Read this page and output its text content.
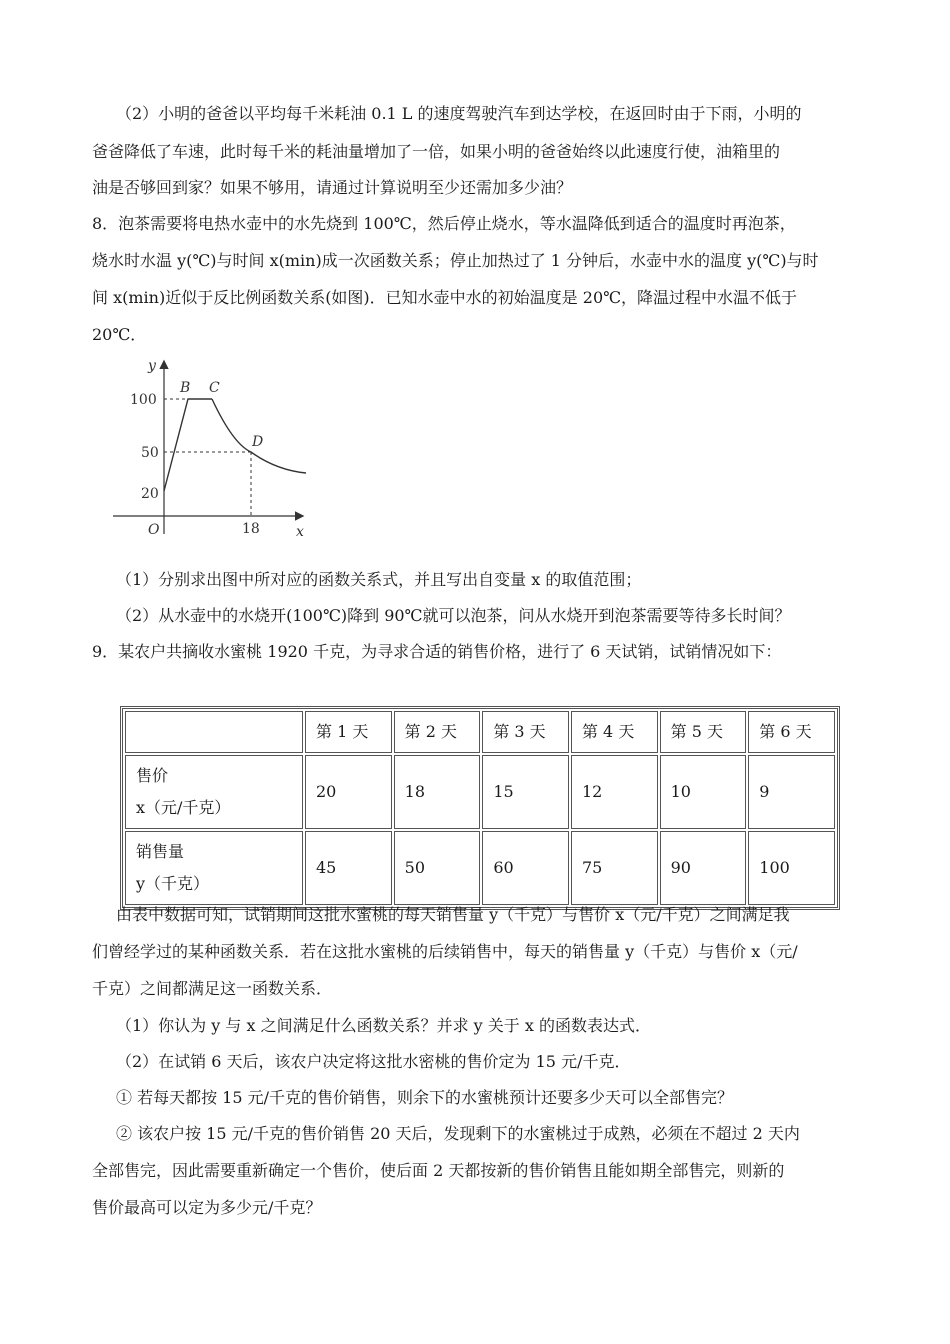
（2）小明的爸爸以平均每千米耗油 0.1 L 的速度驾驶汽车到达学校，在返回时由于下雨，小明的
爸爸降低了车速，此时每千米的耗油量增加了一倍，如果小明的爸爸始终以此速度行使，油箱里的
油是否够回到家？如果不够用，请通过计算说明至少还需加多少油？
8．泡茶需要将电热水壶中的水先烧到 100℃，然后停止烧水，等水温降低到适合的温度时再泡茶，
烧水时水温 y(℃)与时间 x(min)成一次函数关系；停止加热过了 1 分钟后，水壶中水的温度 y(℃)与时
间 x(min)近似于反比例函数关系(如图)．已知水壶中水的初始温度是 20℃，降温过程中水温不低于
20℃．
y
x
O
100
50
20
18
B C
D
（1）分别求出图中所对应的函数关系式，并且写出自变量 x 的取值范围；
（2）从水壶中的水烧开(100℃)降到 90℃就可以泡茶，问从水烧开到泡茶需要等待多长时间？
9．某农户共摘收水蜜桃 1920 千克，为寻求合适的销售价格，进行了 6 天试销，试销情况如下：
	第 1 天	第 2 天	第 3 天	第 4 天	第 5 天	第 6 天

售价
x（元/千克）	20	18	15	12	10	9

销售量
y（千克）	45	50	60	75	90	100
由表中数据可知，试销期间这批水蜜桃的每天销售量 y（千克）与售价 x（元/千克）之间满足我
们曾经学过的某种函数关系．若在这批水蜜桃的后续销售中，每天的销售量 y（千克）与售价 x（元/
千克）之间都满足这一函数关系．
（1）你认为 y 与 x 之间满足什么函数关系？并求 y 关于 x 的函数表达式．
（2）在试销 6 天后，该农户决定将这批水密桃的售价定为 15 元/千克．
① 若每天都按 15 元/千克的售价销售，则余下的水蜜桃预计还要多少天可以全部售完？
② 该农户按 15 元/千克的售价销售 20 天后，发现剩下的水蜜桃过于成熟，必须在不超过 2 天内
全部售完，因此需要重新确定一个售价，使后面 2 天都按新的售价销售且能如期全部售完，则新的
售价最高可以定为多少元/千克？
